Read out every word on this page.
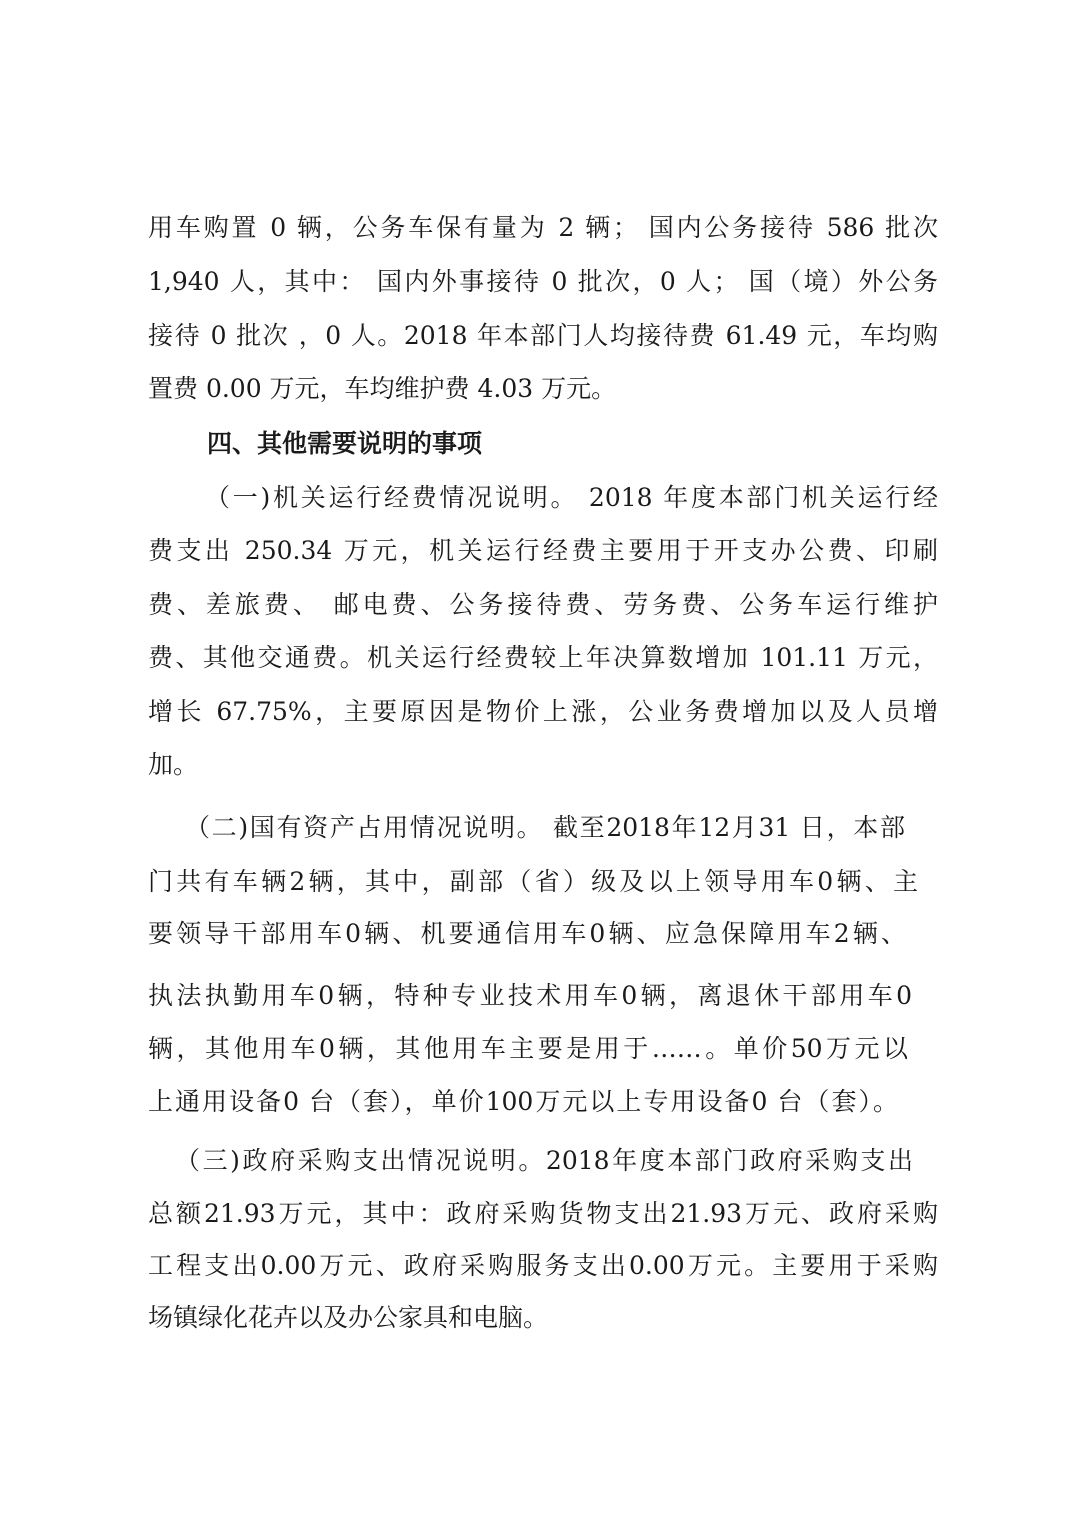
用车购置 0 辆，公务车保有量为 2 辆； 国内公务接待 586 批次
1,940 人，其中： 国内外事接待 0 批次，0 人； 国（境）外公务
接待 0 批次 ，0 人。2018 年本部门人均接待费 61.49 元，车均购
置费 0.00 万元，车均维护费 4.03 万元。
四、其他需要说明的事项
（一)机关运行经费情况说明。 2018 年度本部门机关运行经
费支出 250.34 万元，机关运行经费主要用于开支办公费、印刷
费、差旅费、 邮电费、公务接待费、劳务费、公务车运行维护
费、其他交通费。机关运行经费较上年决算数增加 101.11 万元，
增长 67.75%，主要原因是物价上涨，公业务费增加以及人员增
加。
（二)国有资产占用情况说明。 截至2018年12月31 日，本部
门共有车辆2辆，其中，副部（省）级及以上领导用车0辆、主
要领导干部用车0辆、机要通信用车0辆、应急保障用车2辆、
执法执勤用车0辆，特种专业技术用车0辆，离退休干部用车0
辆，其他用车0辆，其他用车主要是用于……。单价50万元以
上通用设备0 台（套），单价100万元以上专用设备0 台（套）。
（三)政府采购支出情况说明。2018年度本部门政府采购支出
总额21.93万元，其中：政府采购货物支出21.93万元、政府采购
工程支出0.00万元、政府采购服务支出0.00万元。主要用于采购
场镇绿化花卉以及办公家具和电脑。
